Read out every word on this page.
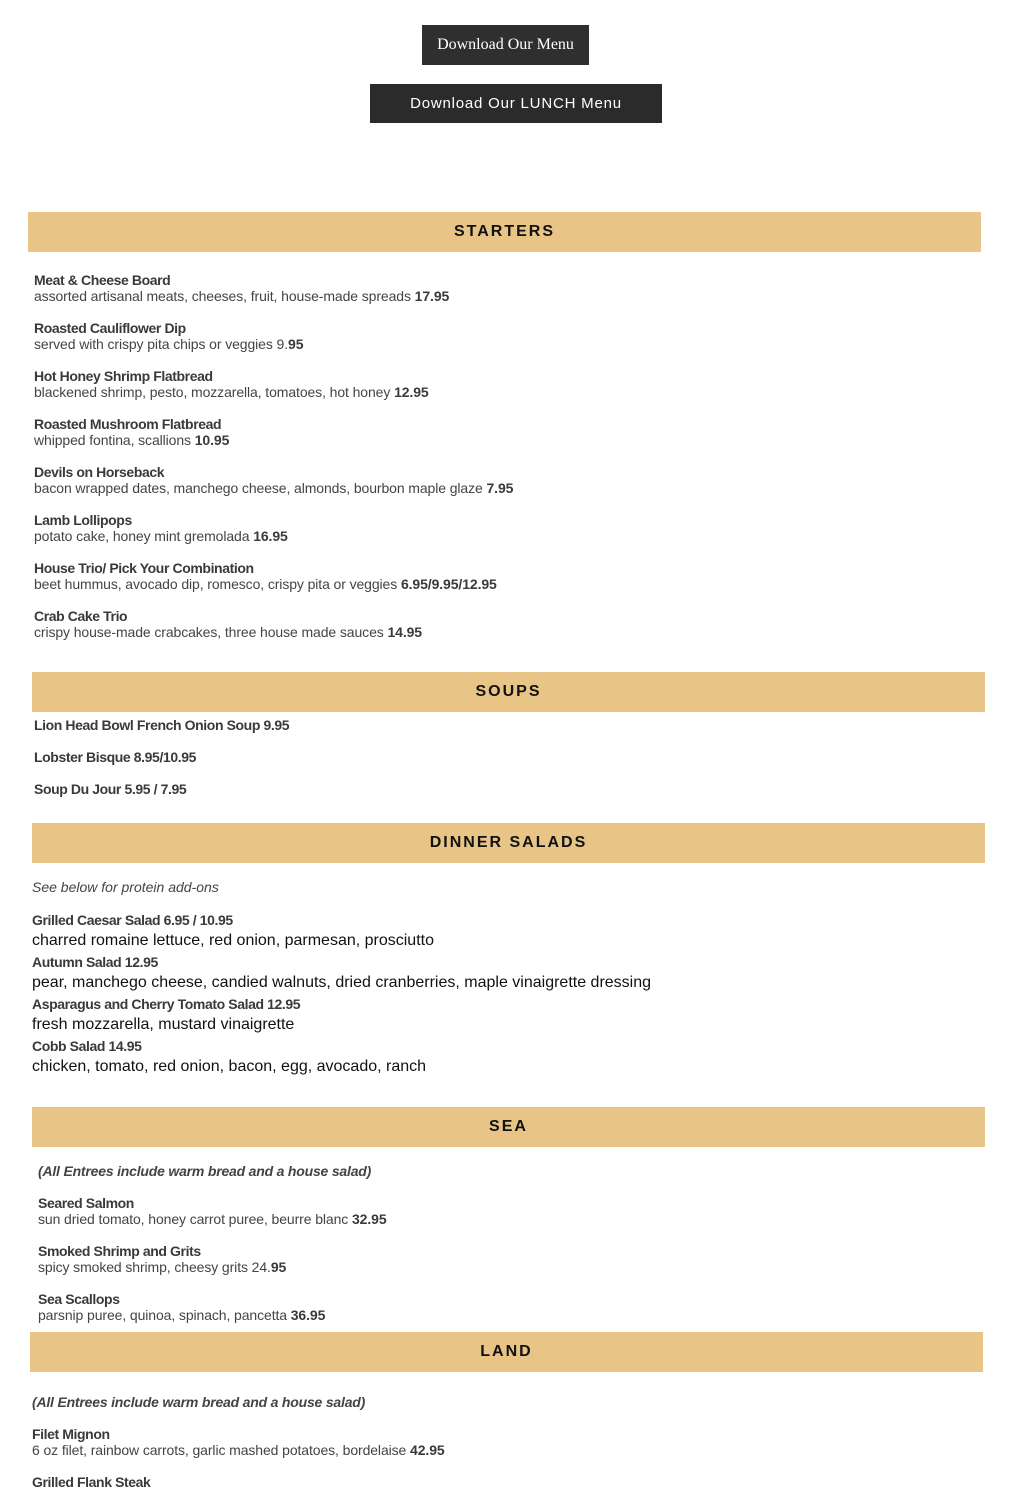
Download Our Menu
Download Our LUNCH Menu
STARTERS
Meat & Cheese Board
assorted artisanal meats, cheeses, fruit, house-made spreads 17.95
Roasted Cauliflower Dip
served with crispy pita chips or veggies 9.95
Hot Honey Shrimp Flatbread
blackened shrimp, pesto, mozzarella, tomatoes, hot honey 12.95
Roasted Mushroom Flatbread
whipped fontina, scallions 10.95
Devils on Horseback
bacon wrapped dates, manchego cheese, almonds, bourbon maple glaze 7.95
Lamb Lollipops
potato cake, honey mint gremolada 16.95
House Trio/ Pick Your Combination
beet hummus, avocado dip, romesco, crispy pita or veggies 6.95/9.95/12.95
Crab Cake Trio
crispy house-made crabcakes, three house made sauces 14.95
SOUPS
Lion Head Bowl French Onion Soup 9.95
Lobster Bisque 8.95/10.95
Soup Du Jour 5.95 / 7.95
DINNER SALADS
See below for protein add-ons
Grilled Caesar Salad 6.95 / 10.95
charred romaine lettuce, red onion, parmesan, prosciutto
Autumn Salad 12.95
pear, manchego cheese, candied walnuts, dried cranberries, maple vinaigrette dressing
Asparagus and Cherry Tomato Salad 12.95
fresh mozzarella, mustard vinaigrette
Cobb Salad 14.95
chicken, tomato, red onion, bacon, egg, avocado, ranch
SEA
(All Entrees include warm bread and a house salad)
Seared Salmon
sun dried tomato, honey carrot puree, beurre blanc 32.95
Smoked Shrimp and Grits
spicy smoked shrimp, cheesy grits 24.95
Sea Scallops
parsnip puree, quinoa, spinach, pancetta 36.95
LAND
(All Entrees include warm bread and a house salad)
Filet Mignon
6 oz filet, rainbow carrots, garlic mashed potatoes, bordelaise 42.95
Grilled Flank Steak
